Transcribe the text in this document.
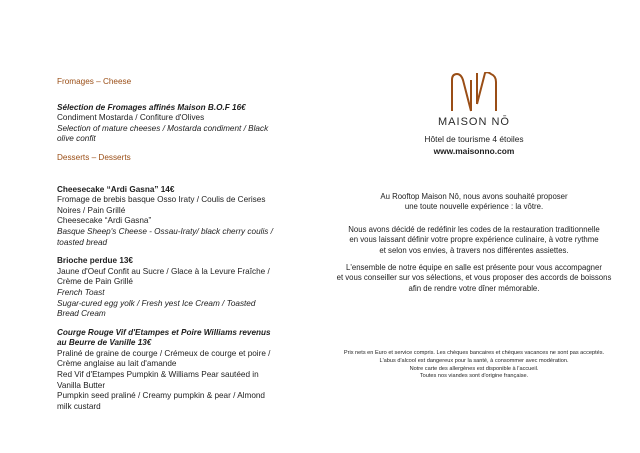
Fromages – Cheese
Sélection de Fromages affinés Maison B.O.F 16€
Condiment Mostarda / Confiture d'Olives
Selection of mature cheeses / Mostarda condiment / Black
olive confit
Desserts – Desserts
Cheesecake “Ardi Gasna” 14€
Fromage de brebis basque Osso Iraty / Coulis de Cerises
Noires / Pain Grillé
Cheesecake “Ardi Gasna”
Basque Sheep's Cheese - Ossau-Iraty/ black cherry coulis /
toasted bread
Brioche perdue 13€
Jaune d'Oeuf Confit au Sucre / Glace à la Levure Fraîche /
Crème de Pain Grillé
French Toast
Sugar-cured egg yolk / Fresh yest Ice Cream / Toasted
Bread Cream
Courge Rouge Vif d'Etampes et Poire Williams revenus
au Beurre de Vanille 13€
Praliné de graine de courge / Crémeux de courge et poire /
Crème anglaise au lait d'amande
Red Vif d'Etampes Pumpkin & Williams Pear sautéed in
Vanilla Butter
Pumpkin seed praliné / Creamy pumpkin & pear / Almond
milk custard
MAISON NŌ
Hôtel de tourisme 4 étoiles
www.maisonno.com
Au Rooftop Maison Nô, nous avons souhaité proposer
une toute nouvelle expérience : la vôtre.
Nous avons décidé de redéfinir les codes de la restauration traditionnelle
en vous laissant définir votre propre expérience culinaire, à votre rythme
et selon vos envies, à travers nos différentes assiettes.
L'ensemble de notre équipe en salle est présente pour vous accompagner
et vous conseiller sur vos sélections, et vous proposer des accords de boissons
afin de rendre votre dîner mémorable.
Prix nets en Euro et service compris. Les chèques bancaires et chèques vacances ne sont pas acceptés.
L'abus d'alcool est dangereux pour la santé, à consommer avec modération.
Notre carte des allergènes est disponible à l'accueil.
Toutes nos viandes sont d'origine française.
